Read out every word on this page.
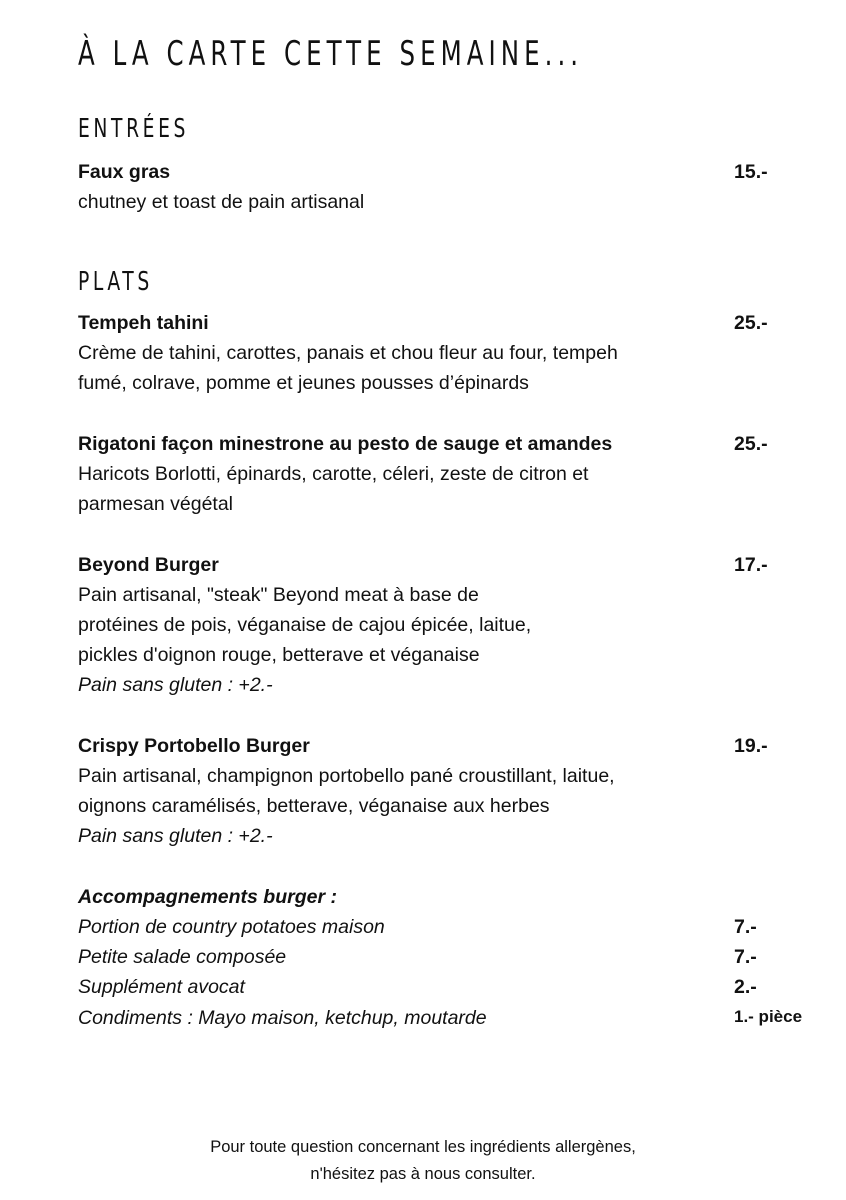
À LA CARTE CETTE SEMAINE...
ENTRÉES
Faux gras	15.-
chutney et toast de pain artisanal
PLATS
Tempeh tahini	25.-
Crème de tahini, carottes, panais et chou fleur au four, tempeh
fumé, colrave, pomme et jeunes pousses d’épinards
Rigatoni façon minestrone au pesto de sauge et amandes	25.-
Haricots Borlotti, épinards, carotte, céleri, zeste de citron et
parmesan végétal
Beyond Burger	17.-
Pain artisanal, "steak" Beyond meat à base de
protéines de pois, véganaise de cajou épicée, laitue,
pickles d'oignon rouge, betterave et véganaise
Pain sans gluten : +2.-
Crispy Portobello Burger	19.-
Pain artisanal, champignon portobello pané croustillant, laitue,
oignons caramélisés, betterave, véganaise aux herbes
Pain sans gluten : +2.-
Accompagnements burger :
Portion de country potatoes maison	7.-
Petite salade composée	7.-
Supplément avocat	2.-
Condiments : Mayo maison, ketchup, moutarde	1.- pièce
Pour toute question concernant les ingrédients allergènes,
n'hésitez pas à nous consulter.
